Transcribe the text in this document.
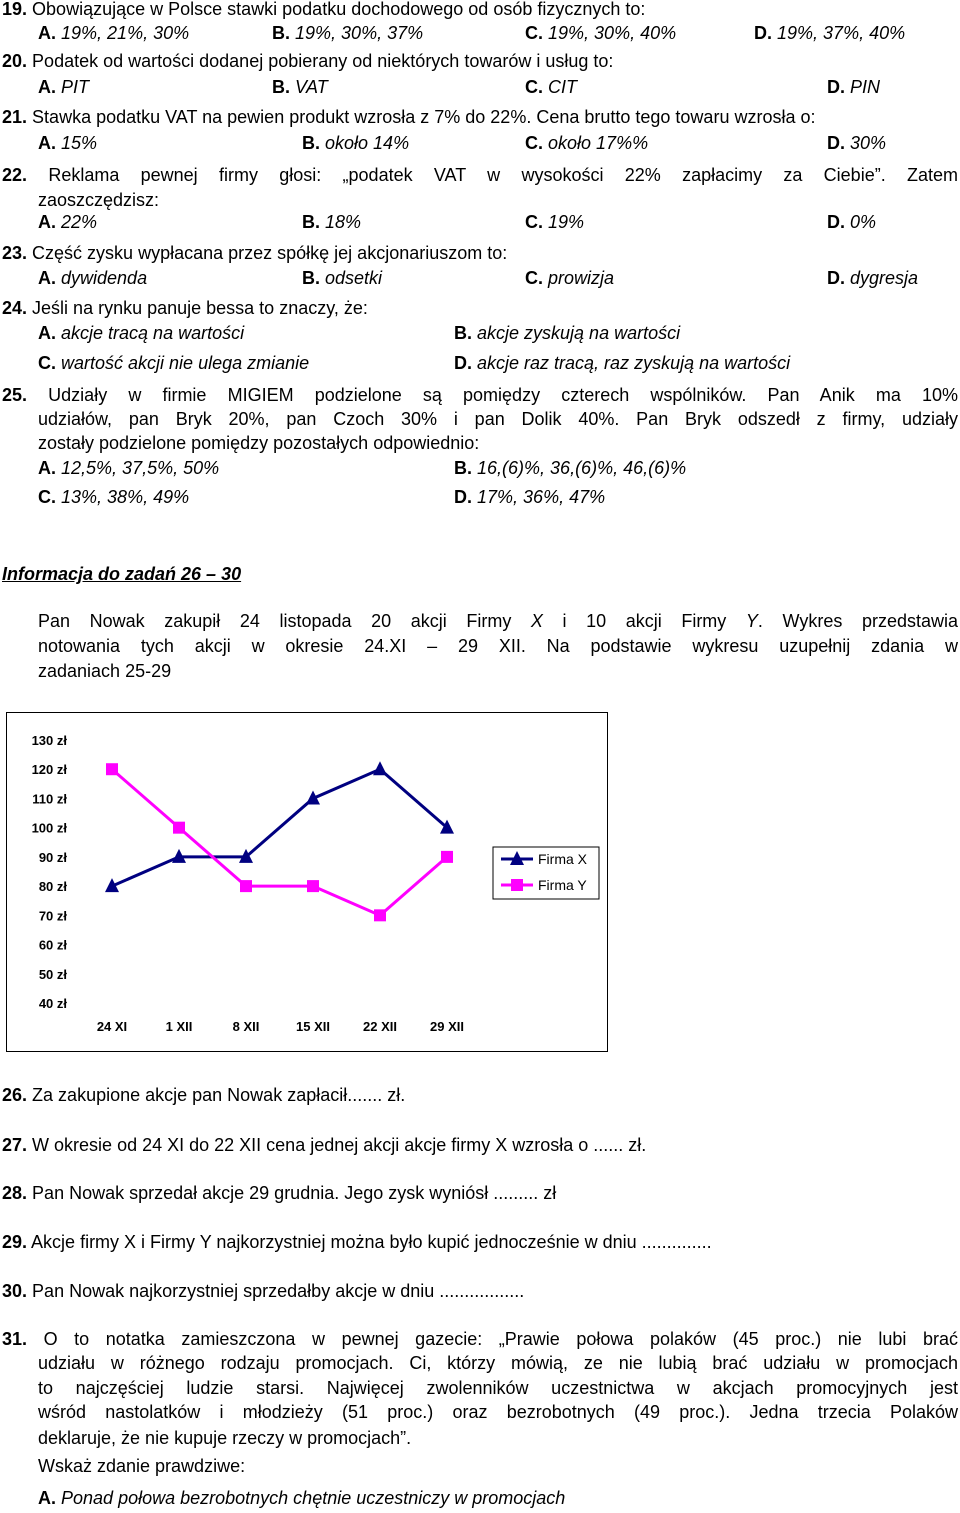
19. Obowiązujące w Polsce stawki podatku dochodowego od osób fizycznych to:
A. 19%, 21%, 30%	B. 19%, 30%, 37%	C. 19%, 30%, 40%	D. 19%, 37%, 40%
20. Podatek od wartości dodanej pobierany od niektórych towarów i usług to:
A. PIT	B. VAT	C. CIT	D. PIN
21. Stawka podatku VAT na pewien produkt wzrosła z 7% do 22%. Cena brutto tego towaru wzrosła o:
A. 15%	B. około 14%	C. około 17%%	D. 30%
22. Reklama pewnej firmy głosi: „podatek VAT w wysokości 22% zapłacimy za Ciebie”. Zatem
zaoszczędzisz:
A. 22%	B. 18%	C. 19%	D. 0%
23. Część zysku wypłacana przez spółkę jej akcjonariuszom to:
A. dywidenda	B. odsetki	C. prowizja	D. dygresja
24. Jeśli na rynku panuje bessa to znaczy, że:
A. akcje tracą na wartości	B. akcje zyskują na wartości
C. wartość akcji nie ulega zmianie	D. akcje raz tracą, raz zyskują na wartości
25. Udziały w firmie MIGIEM podzielone są pomiędzy czterech wspólników. Pan Anik ma 10%
udziałów, pan Bryk 20%, pan Czoch 30% i pan Dolik 40%. Pan Bryk odszedł z firmy, udziały
zostały podzielone pomiędzy pozostałych odpowiednio:
A. 12,5%, 37,5%, 50%	B. 16,(6)%, 36,(6)%, 46,(6)%
C. 13%, 38%, 49%	D. 17%, 36%, 47%
Informacja do zadań 26 – 30
Pan Nowak zakupił 24 listopada 20 akcji Firmy X i 10 akcji Firmy Y. Wykres przedstawia
notowania tych akcji w okresie 24.XI – 29 XII. Na podstawie wykresu uzupełnij zdania w
zadaniach 25-29
40 zł
50 zł
60 zł
70 zł
80 zł
90 zł
100 zł
110 zł
120 zł
130 zł
24 XI	1 XII	8 XII	15 XII	22 XII	29 XII
Firma X
Firma Y
26. Za zakupione akcje pan Nowak zapłacił....... zł.
27. W okresie od 24 XI do 22 XII cena jednej akcji akcje firmy X wzrosła o ...... zł.
28. Pan Nowak sprzedał akcje 29 grudnia. Jego zysk wyniósł ......... zł
29. Akcje firmy X i Firmy Y najkorzystniej można było kupić jednocześnie w dniu ..............
30. Pan Nowak najkorzystniej sprzedałby akcje w dniu .................
31. O to notatka zamieszczona w pewnej gazecie: „Prawie połowa polaków (45 proc.) nie lubi brać
udziału w różnego rodzaju promocjach. Ci, którzy mówią, ze nie lubią brać udziału w promocjach
to najczęściej ludzie starsi. Najwięcej zwolenników uczestnictwa w akcjach promocyjnych jest
wśród nastolatków i młodzieży (51 proc.) oraz bezrobotnych (49 proc.). Jedna trzecia Polaków
deklaruje, że nie kupuje rzeczy w promocjach”.
Wskaż zdanie prawdziwe:
A. Ponad połowa bezrobotnych chętnie uczestniczy w promocjach
